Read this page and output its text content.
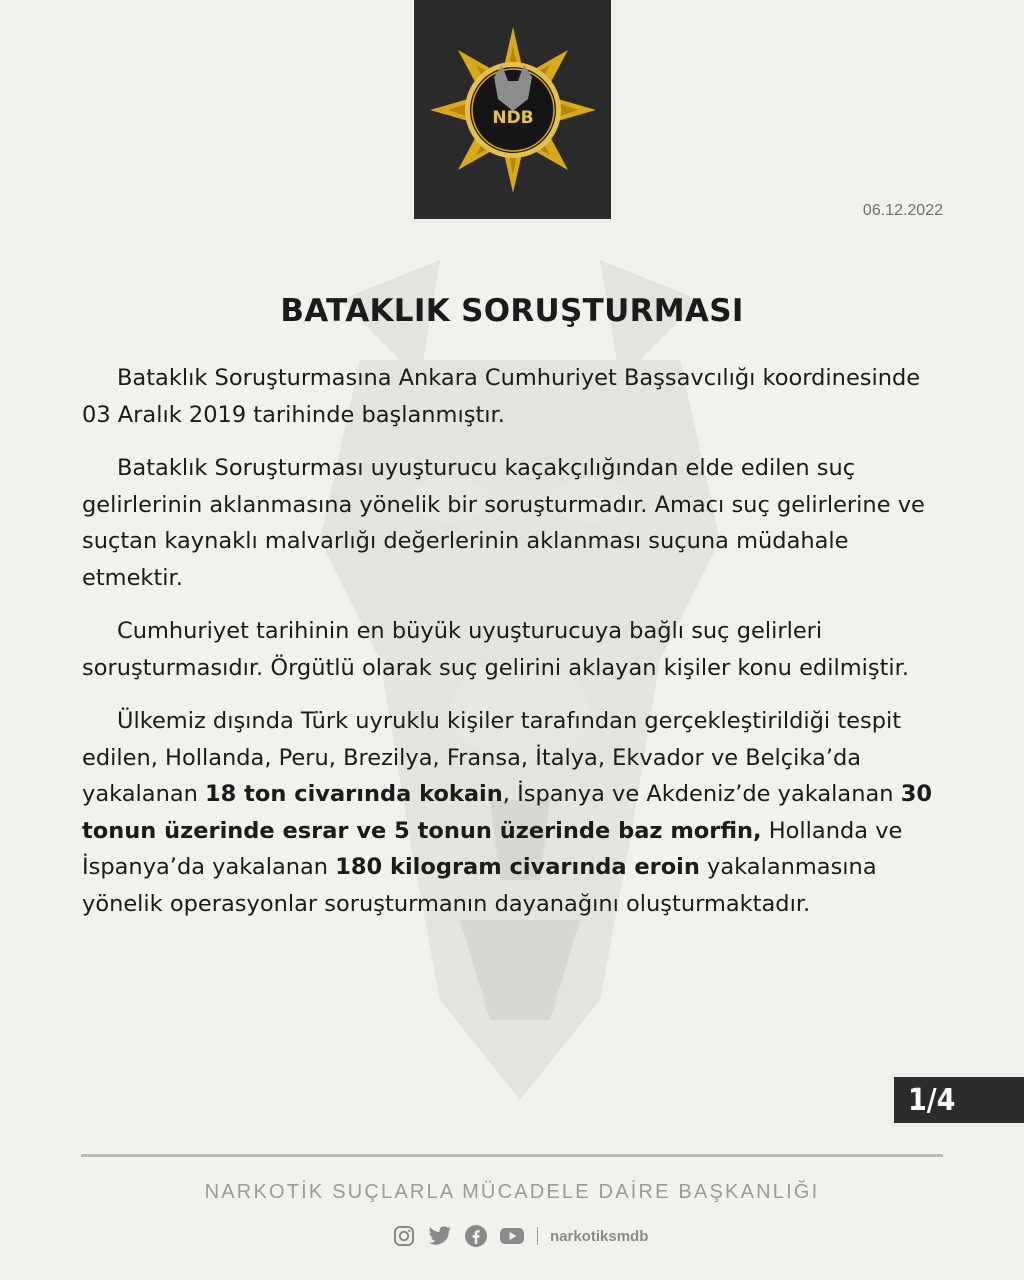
NDB
06.12.2022
BATAKLIK SORUŞTURMASI

Bataklık Soruşturmasına Ankara Cumhuriyet Başsavcılığı koordinesinde 03 Aralık 2019 tarihinde başlanmıştır.

Bataklık Soruşturması uyuşturucu kaçakçılığından elde edilen suç gelirlerinin aklanmasına yönelik bir soruşturmadır. Amacı suç gelirlerine ve suçtan kaynaklı malvarlığı değerlerinin aklanması suçuna müdahale etmektir.

Cumhuriyet tarihinin en büyük uyuşturucuya bağlı suç gelirleri soruşturmasıdır. Örgütlü olarak suç gelirini aklayan kişiler konu edilmiştir.

Ülkemiz dışında Türk uyruklu kişiler tarafından gerçekleştirildiği tespit edilen, Hollanda, Peru, Brezilya, Fransa, İtalya, Ekvador ve Belçika’da yakalanan 18 ton civarında kokain, İspanya ve Akdeniz’de yakalanan 30 tonun üzerinde esrar ve 5 tonun üzerinde baz morfin, Hollanda ve İspanya’da yakalanan 180 kilogram civarında eroin yakalanmasına yönelik operasyonlar soruşturmanın dayanağını oluşturmaktadır.

1/4
NARKOTİK SUÇLARLA MÜCADELE DAİRE BAŞKANLIĞI
narkotiksmdb
